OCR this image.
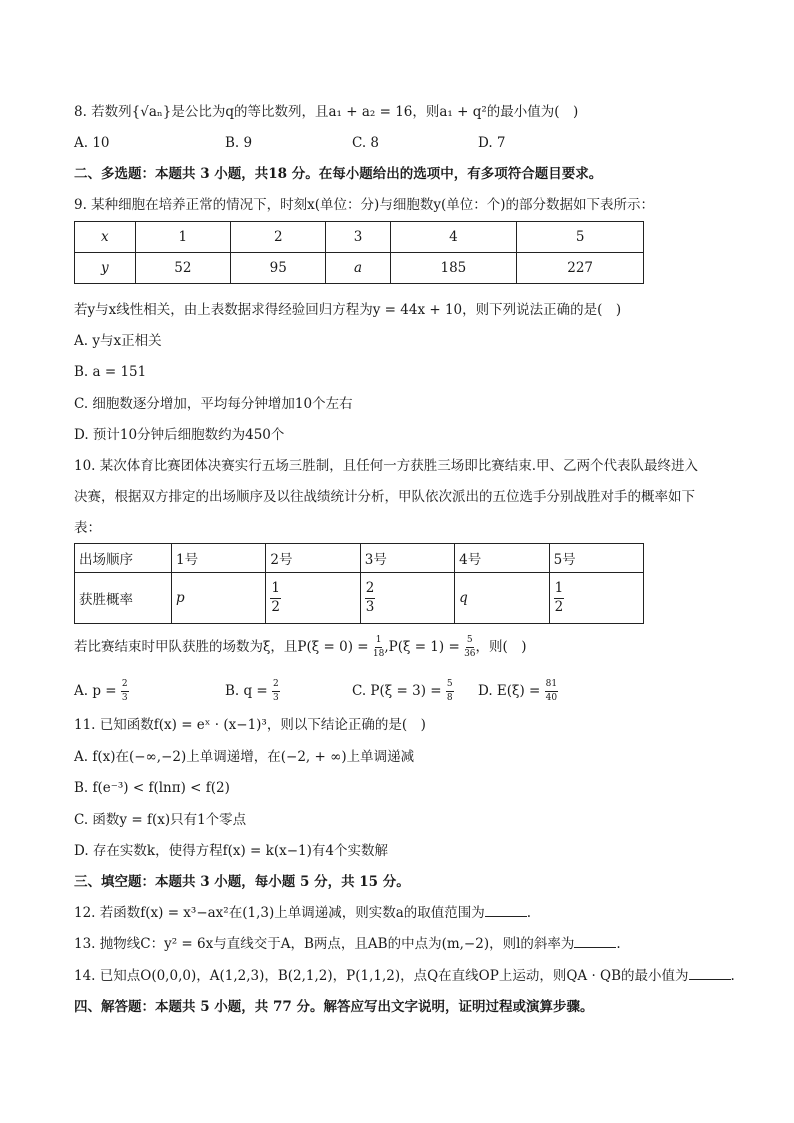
8. 若数列{√aₙ}是公比为q的等比数列，且a₁ + a₂ = 16，则a₁ + q²的最小值为(　)
A. 10	B. 9	C. 8	D. 7
二、多选题：本题共 3 小题，共18 分。在每小题给出的选项中，有多项符合题目要求。
9. 某种细胞在培养正常的情况下，时刻x(单位：分)与细胞数y(单位：个)的部分数据如下表所示：
x	1	2	3	4	5
y	52	95	a	185	227
若y与x线性相关，由上表数据求得经验回归方程为y = 44x + 10，则下列说法正确的是(　)
A. y与x正相关
B. a = 151
C. 细胞数逐分增加，平均每分钟增加10个左右
D. 预计10分钟后细胞数约为450个
10. 某次体育比赛团体决赛实行五场三胜制，且任何一方获胜三场即比赛结束.甲、乙两个代表队最终进入
决赛，根据双方排定的出场顺序及以往战绩统计分析，甲队依次派出的五位选手分别战胜对手的概率如下
表：
出场顺序	1号	2号	3号	4号	5号
获胜概率	p	$\frac{1}{2}$	$\frac{2}{3}$	q	$\frac{1}{2}$
若比赛结束时甲队获胜的场数为ξ，且$P(\xi = 0) = \frac{1}{18} ,P(\xi = 1) = \frac{5}{36}$ ，则(　)
A. $p = \frac{2}{3}$	B. $q = \frac{2}{3}$	C. $P(\xi = 3) = \frac{5}{8} D$. $E(\xi) = \frac{81}{40}$
11. 已知函数f(x) = eˣ · (x−1)³，则以下结论正确的是(　)
A. f(x)在(−∞,−2)上单调递增，在(−2, + ∞)上单调递减
B. f(e⁻³) < f(lnπ) < f(2)
C. 函数y = f(x)只有1个零点
D. 存在实数k，使得方程f(x) = k(x−1)有4个实数解
三、填空题：本题共 3 小题，每小题 5 分，共 15 分。
12. 若函数f(x) = x³−ax²在(1,3)上单调递减，则实数a的取值范围为	.
13. 抛物线C：y² = 6x与直线交于A，B两点，且AB的中点为(m,−2)，则l的斜率为	.
14. 已知点O(0,0,0)，A(1,2,3)，B(2,1,2)，P(1,1,2)，点Q在直线OP上运动，则QA · QB的最小值为	.
四、解答题：本题共 5 小题，共 77 分。解答应写出文字说明，证明过程或演算步骤。
